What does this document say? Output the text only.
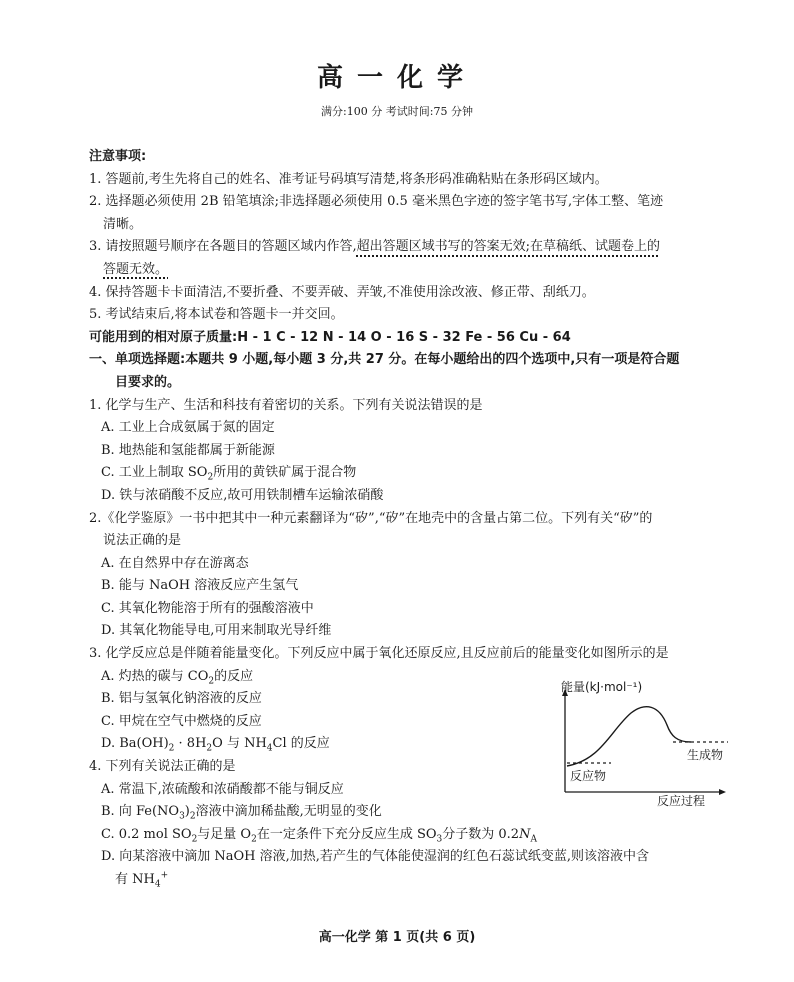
高一化学
满分:100 分 考试时间:75 分钟
注意事项:
1. 答题前,考生先将自己的姓名、准考证号码填写清楚,将条形码准确粘贴在条形码区域内。
2. 选择题必须使用 2B 铅笔填涂;非选择题必须使用 0.5 毫米黑色字迹的签字笔书写,字体工整、笔迹
清晰。
3. 请按照题号顺序在各题目的答题区域内作答,超出答题区域书写的答案无效;在草稿纸、试题卷上的
答题无效。
4. 保持答题卡卡面清洁,不要折叠、不要弄破、弄皱,不准使用涂改液、修正带、刮纸刀。
5. 考试结束后,将本试卷和答题卡一并交回。
可能用到的相对原子质量:H - 1 C - 12 N - 14 O - 16 S - 32 Fe - 56 Cu - 64
一、单项选择题:本题共 9 小题,每小题 3 分,共 27 分。在每小题给出的四个选项中,只有一项是符合题
目要求的。
1. 化学与生产、生活和科技有着密切的关系。下列有关说法错误的是
A. 工业上合成氨属于氮的固定
B. 地热能和氢能都属于新能源
C. 工业上制取 $SO_2$所用的黄铁矿属于混合物
D. 铁与浓硝酸不反应,故可用铁制槽车运输浓硝酸
2.《化学鉴原》一书中把其中一种元素翻译为“矽”,“矽”在地壳中的含量占第二位。下列有关“矽”的
说法正确的是
A. 在自然界中存在游离态
B. 能与 NaOH 溶液反应产生氢气
C. 其氧化物能溶于所有的强酸溶液中
D. 其氧化物能导电,可用来制取光导纤维
3. 化学反应总是伴随着能量变化。下列反应中属于氧化还原反应,且反应前后的能量变化如图所示的是
A. 灼热的碳与 $CO_2$的反应
B. 铝与氢氧化钠溶液的反应
C. 甲烷在空气中燃烧的反应
D. $Ba(OH)_2 \cdot 8H_2O$ 与 $NH_4Cl$ 的反应
4. 下列有关说法正确的是
A. 常温下,浓硫酸和浓硝酸都不能与铜反应
B. 向 $Fe(NO_3)_2$溶液中滴加稀盐酸,无明显的变化
C. 0.2 mol $SO_2$与足量 $O_2$在一定条件下充分反应生成 $SO_3$分子数为 $0.2N_A$
D. 向某溶液中滴加 NaOH 溶液,加热,若产生的气体能使湿润的红色石蕊试纸变蓝,则该溶液中含
有 $NH_4^+$
能量(kJ·mol⁻¹)
反应物
生成物
反应过程
高一化学 第 1 页(共 6 页)
